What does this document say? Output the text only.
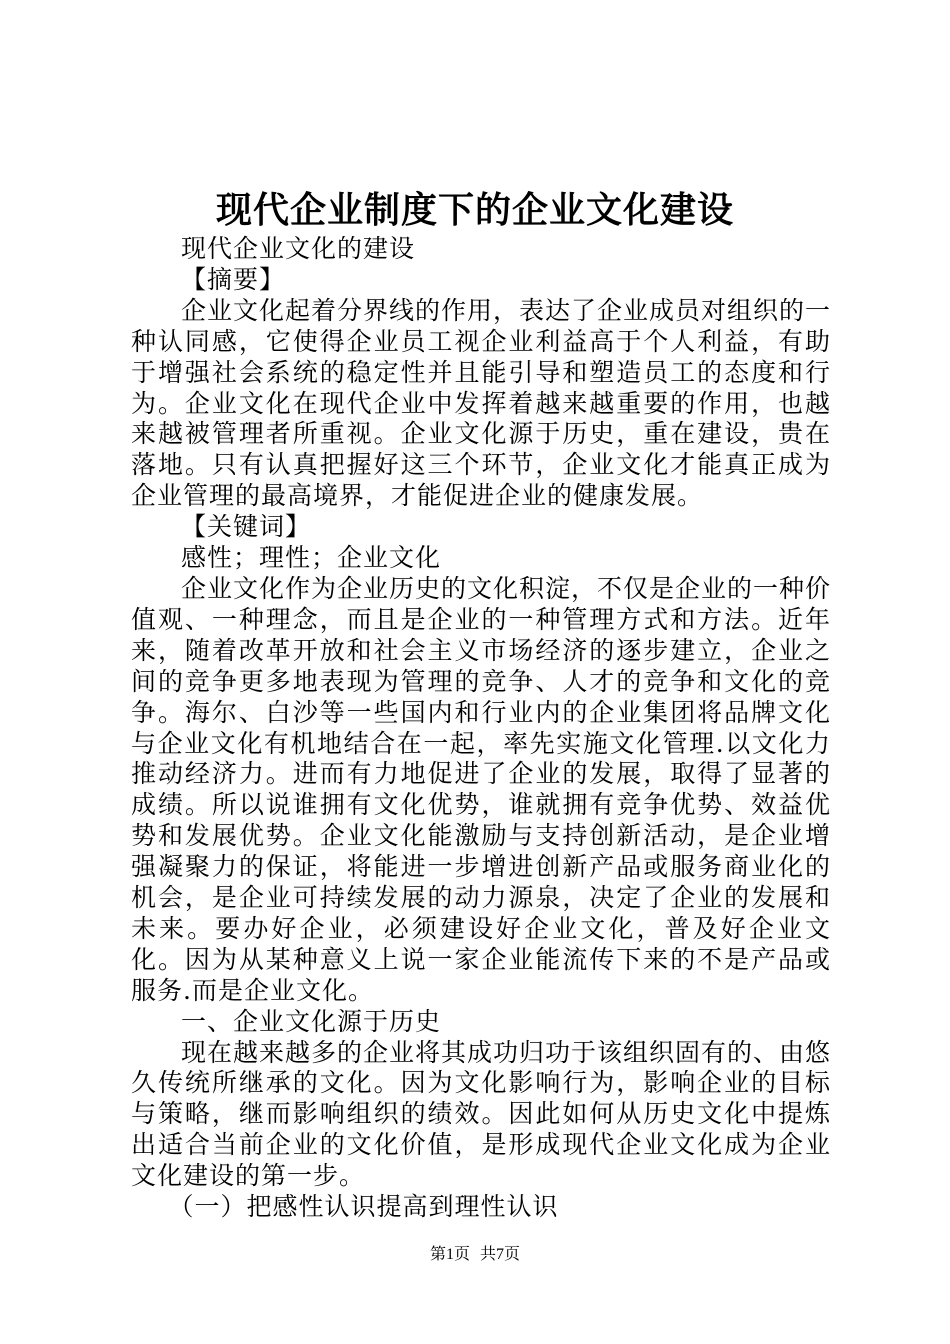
现代企业制度下的企业文化建设

现代企业文化的建设

【摘要】

企业文化起着分界线的作用，表达了企业成员对组织的一种认同感，它使得企业员工视企业利益高于个人利益，有助于增强社会系统的稳定性并且能引导和塑造员工的态度和行为。企业文化在现代企业中发挥着越来越重要的作用，也越来越被管理者所重视。企业文化源于历史，重在建设，贵在落地。只有认真把握好这三个环节，企业文化才能真正成为企业管理的最高境界，才能促进企业的健康发展。

【关键词】

感性；理性；企业文化

企业文化作为企业历史的文化积淀，不仅是企业的一种价值观、一种理念，而且是企业的一种管理方式和方法。近年来，随着改革开放和社会主义市场经济的逐步建立，企业之间的竞争更多地表现为管理的竞争、人才的竞争和文化的竞争。海尔、白沙等一些国内和行业内的企业集团将品牌文化与企业文化有机地结合在一起，率先实施文化管理.以文化力推动经济力。进而有力地促进了企业的发展，取得了显著的成绩。所以说谁拥有文化优势，谁就拥有竞争优势、效益优势和发展优势。企业文化能激励与支持创新活动，是企业增强凝聚力的保证，将能进一步增进创新产品或服务商业化的机会，是企业可持续发展的动力源泉，决定了企业的发展和未来。要办好企业，必须建设好企业文化，普及好企业文化。因为从某种意义上说一家企业能流传下来的不是产品或服务.而是企业文化。

一、企业文化源于历史

现在越来越多的企业将其成功归功于该组织固有的、由悠久传统所继承的文化。因为文化影响行为，影响企业的目标与策略，继而影响组织的绩效。因此如何从历史文化中提炼出适合当前企业的文化价值，是形成现代企业文化成为企业文化建设的第一步。

（一）把感性认识提高到理性认识

第1页 共7页
